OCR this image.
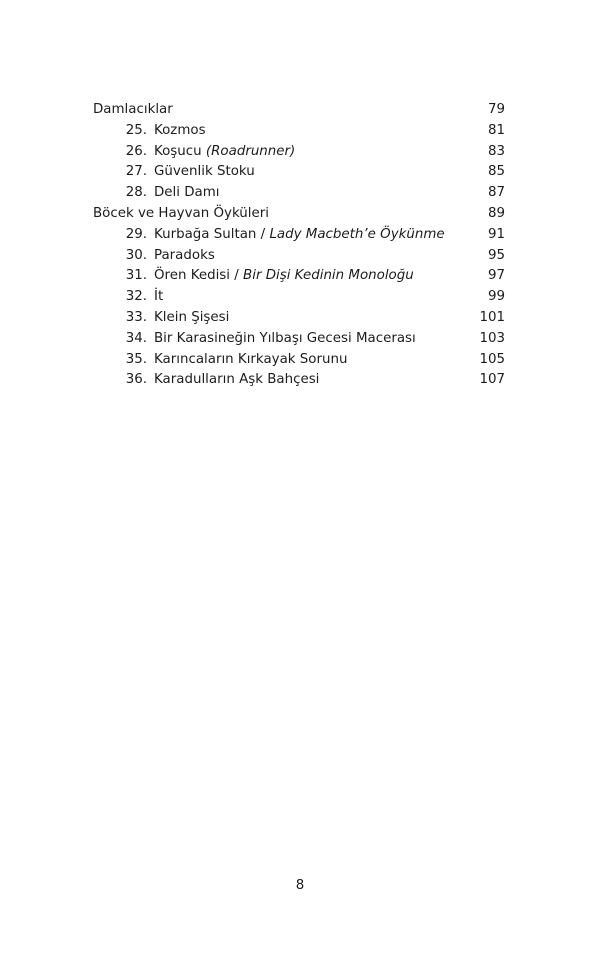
Damlacıklar	79
25. Kozmos	81
26. Koşucu (Roadrunner)	83
27. Güvenlik Stoku	85
28. Deli Damı	87
Böcek ve Hayvan Öyküleri	89
29. Kurbağa Sultan / Lady Macbeth’e Öykünme	91
30. Paradoks	95
31. Ören Kedisi / Bir Dişi Kedinin Monoloğu	97
32. İt	99
33. Klein Şişesi	101
34. Bir Karasineğin Yılbaşı Gecesi Macerası	103
35. Karıncaların Kırkayak Sorunu	105
36. Karadulların Aşk Bahçesi	107
8
